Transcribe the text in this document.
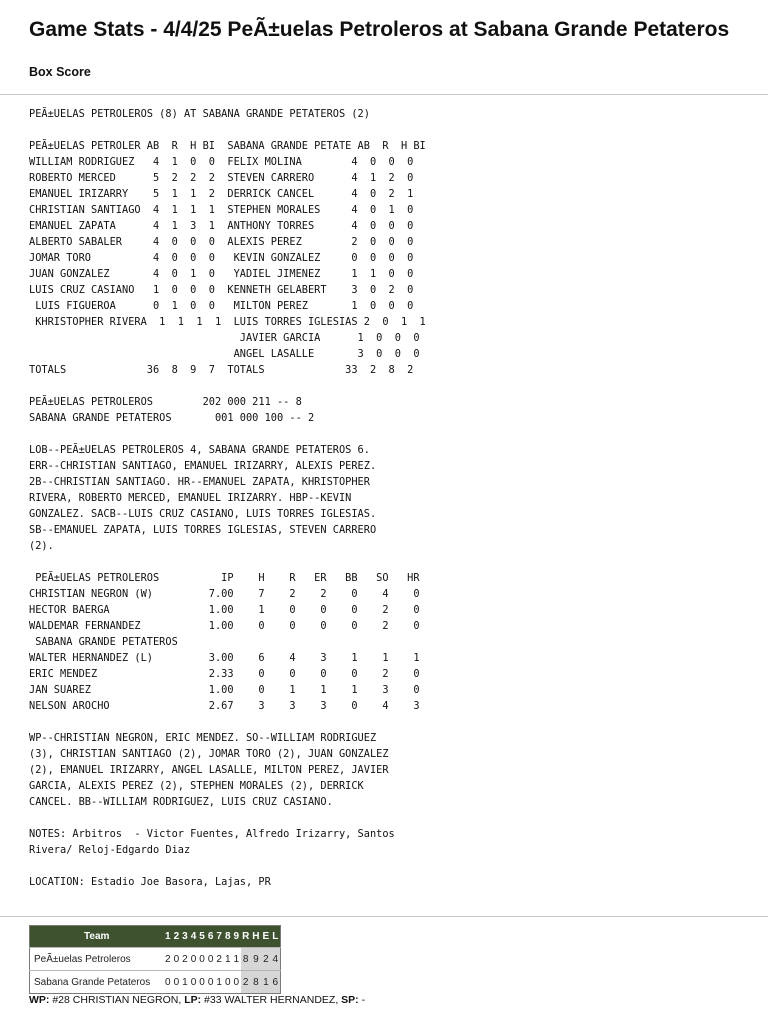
Game Stats - 4/4/25 PeÃ±uelas Petroleros at Sabana Grande Petateros
Box Score
PEÃ±UELAS PETROLEROS (8) AT SABANA GRANDE PETATEROS (2)

PEÃ±UELAS PETROLER AB  R  H BI  SABANA GRANDE PETATE AB  R  H BI
WILLIAM RODRIGUEZ   4  1  0  0  FELIX MOLINA        4  0  0  0
ROBERTO MERCED      5  2  2  2  STEVEN CARRERO      4  1  2  0
EMANUEL IRIZARRY    5  1  1  2  DERRICK CANCEL      4  0  2  1
CHRISTIAN SANTIAGO  4  1  1  1  STEPHEN MORALES     4  0  1  0
EMANUEL ZAPATA      4  1  3  1  ANTHONY TORRES      4  0  0  0
ALBERTO SABALER     4  0  0  0  ALEXIS PEREZ        2  0  0  0
JOMAR TORO          4  0  0  0   KEVIN GONZALEZ     0  0  0  0
JUAN GONZALEZ       4  0  1  0   YADIEL JIMENEZ     1  1  0  0
LUIS CRUZ CASIANO   1  0  0  0  KENNETH GELABERT    3  0  2  0
LUIS FIGUEROA      0  1  0  0   MILTON PEREZ       1  0  0  0
KHRISTOPHER RIVERA  1  1  1  1  LUIS TORRES IGLESIAS 2  0  1  1
JAVIER GARCIA      1  0  0  0
ANGEL LASALLE       3  0  0  0
TOTALS             36  8  9  7  TOTALS             33  2  8  2

PEÃ±UELAS PETROLEROS        202 000 211 -- 8
SABANA GRANDE PETATEROS       001 000 100 -- 2

LOB--PEÃ±UELAS PETROLEROS 4, SABANA GRANDE PETATEROS 6.
ERR--CHRISTIAN SANTIAGO, EMANUEL IRIZARRY, ALEXIS PEREZ.
2B--CHRISTIAN SANTIAGO. HR--EMANUEL ZAPATA, KHRISTOPHER
RIVERA, ROBERTO MERCED, EMANUEL IRIZARRY. HBP--KEVIN
GONZALEZ. SACB--LUIS CRUZ CASIANO, LUIS TORRES IGLESIAS.
SB--EMANUEL ZAPATA, LUIS TORRES IGLESIAS, STEVEN CARRERO
(2).

PEÃ±UELAS PETROLEROS          IP    H    R   ER   BB   SO   HR
CHRISTIAN NEGRON (W)         7.00    7    2    2    0    4    0
HECTOR BAERGA                1.00    1    0    0    0    2    0
WALDEMAR FERNANDEZ           1.00    0    0    0    0    2    0
SABANA GRANDE PETATEROS
WALTER HERNANDEZ (L)         3.00    6    4    3    1    1    1
ERIC MENDEZ                  2.33    0    0    0    0    2    0
JAN SUAREZ                   1.00    0    1    1    1    3    0
NELSON AROCHO                2.67    3    3    3    0    4    3

WP--CHRISTIAN NEGRON, ERIC MENDEZ. SO--WILLIAM RODRIGUEZ
(3), CHRISTIAN SANTIAGO (2), JOMAR TORO (2), JUAN GONZALEZ
(2), EMANUEL IRIZARRY, ANGEL LASALLE, MILTON PEREZ, JAVIER
GARCIA, ALEXIS PEREZ (2), STEPHEN MORALES (2), DERRICK
CANCEL. BB--WILLIAM RODRIGUEZ, LUIS CRUZ CASIANO.

NOTES: Arbitros  - Victor Fuentes, Alfredo Irizarry, Santos
Rivera/ Reloj-Edgardo Diaz

LOCATION: Estadio Joe Basora, Lajas, PR
Team	1	2	3	4	5	6	7	8	9	R	H	E	L
PeÃ±uelas Petroleros	2	0	2	0	0	0	2	1	1	8	9	2	4
Sabana Grande Petateros	0	0	1	0	0	0	1	0	0	2	8	1	6
WP: #28 CHRISTIAN NEGRON, LP: #33 WALTER HERNANDEZ, SP: -
